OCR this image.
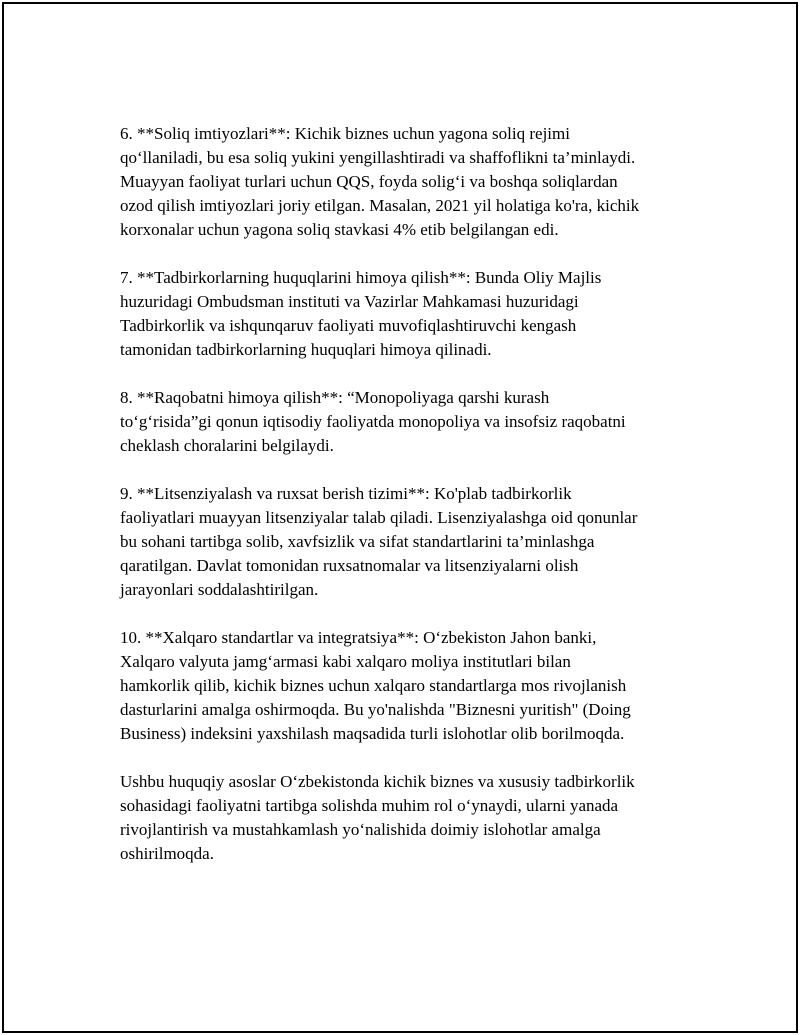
6. **Soliq imtiyozlari**: Kichik biznes uchun yagona soliq rejimi
qo‘llaniladi, bu esa soliq yukini yengillashtiradi va shaffoflikni ta’minlaydi.
Muayyan faoliyat turlari uchun QQS, foyda solig‘i va boshqa soliqlardan
ozod qilish imtiyozlari joriy etilgan. Masalan, 2021 yil holatiga ko'ra, kichik
korxonalar uchun yagona soliq stavkasi 4% etib belgilangan edi.

7. **Tadbirkorlarning huquqlarini himoya qilish**: Bunda Oliy Majlis
huzuridagi Ombudsman instituti va Vazirlar Mahkamasi huzuridagi
Tadbirkorlik va ishqunqaruv faoliyati muvofiqlashtiruvchi kengash
tamonidan tadbirkorlarning huquqlari himoya qilinadi.

8. **Raqobatni himoya qilish**: “Monopoliyaga qarshi kurash
to‘g‘risida”gi qonun iqtisodiy faoliyatda monopoliya va insofsiz raqobatni
cheklash choralarini belgilaydi.

9. **Litsenziyalash va ruxsat berish tizimi**: Ko'plab tadbirkorlik
faoliyatlari muayyan litsenziyalar talab qiladi. Lisenziyalashga oid qonunlar
bu sohani tartibga solib, xavfsizlik va sifat standartlarini ta’minlashga
qaratilgan. Davlat tomonidan ruxsatnomalar va litsenziyalarni olish
jarayonlari soddalashtirilgan.

10. **Xalqaro standartlar va integratsiya**: O‘zbekiston Jahon banki,
Xalqaro valyuta jamg‘armasi kabi xalqaro moliya institutlari bilan
hamkorlik qilib, kichik biznes uchun xalqaro standartlarga mos rivojlanish
dasturlarini amalga oshirmoqda. Bu yo'nalishda "Biznesni yuritish" (Doing
Business) indeksini yaxshilash maqsadida turli islohotlar olib borilmoqda.

Ushbu huquqiy asoslar O‘zbekistonda kichik biznes va xususiy tadbirkorlik
sohasidagi faoliyatni tartibga solishda muhim rol o‘ynaydi, ularni yanada
rivojlantirish va mustahkamlash yo‘nalishida doimiy islohotlar amalga
oshirilmoqda.
